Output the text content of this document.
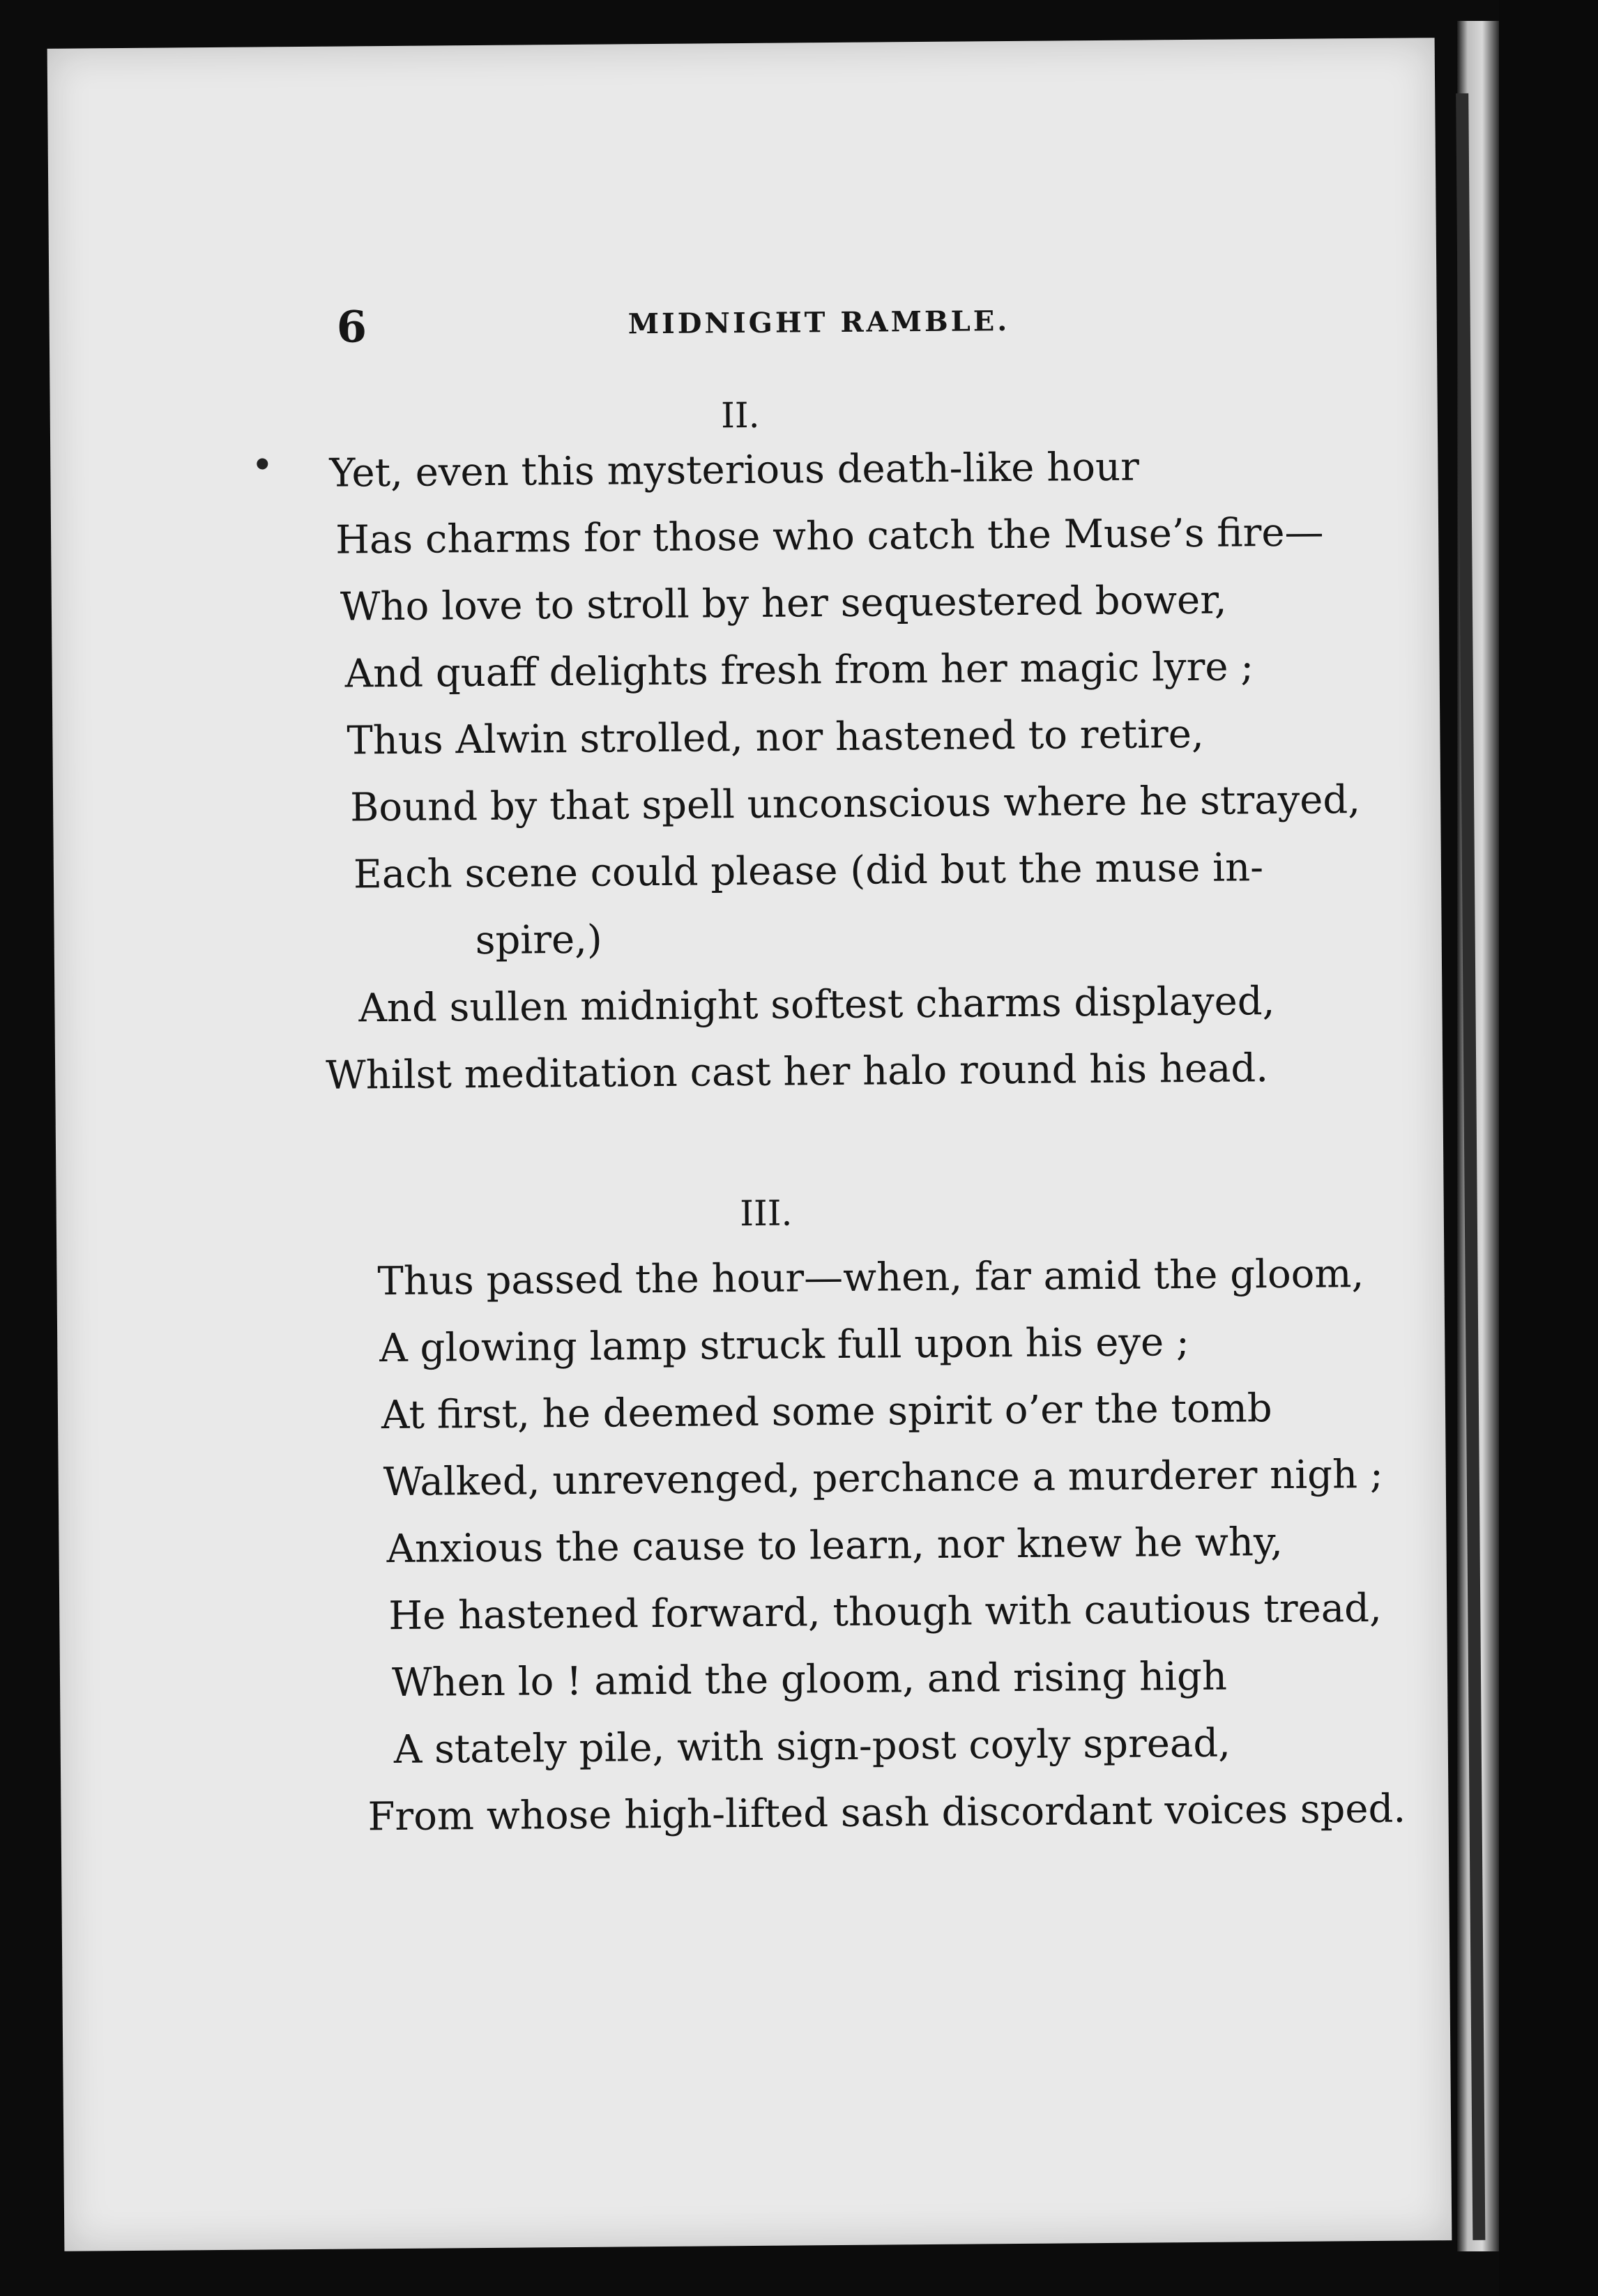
6	MIDNIGHT RAMBLE.
II.
Yet, even this mysterious death-like hour
Has charms for those who catch the Muse’s fire—
Who love to stroll by her sequestered bower,
And quaff delights fresh from her magic lyre ;
Thus Alwin strolled, nor hastened to retire,
Bound by that spell unconscious where he strayed,
Each scene could please (did but the muse in-
spire,)
And sullen midnight softest charms displayed,
Whilst meditation cast her halo round his head.
III.
Thus passed the hour—when, far amid the gloom,
A glowing lamp struck full upon his eye ;
At first, he deemed some spirit o’er the tomb
Walked, unrevenged, perchance a murderer nigh ;
Anxious the cause to learn, nor knew he why,
He hastened forward, though with cautious tread,
When lo ! amid the gloom, and rising high
A stately pile, with sign-post coyly spread,
From whose high-lifted sash discordant voices sped.
